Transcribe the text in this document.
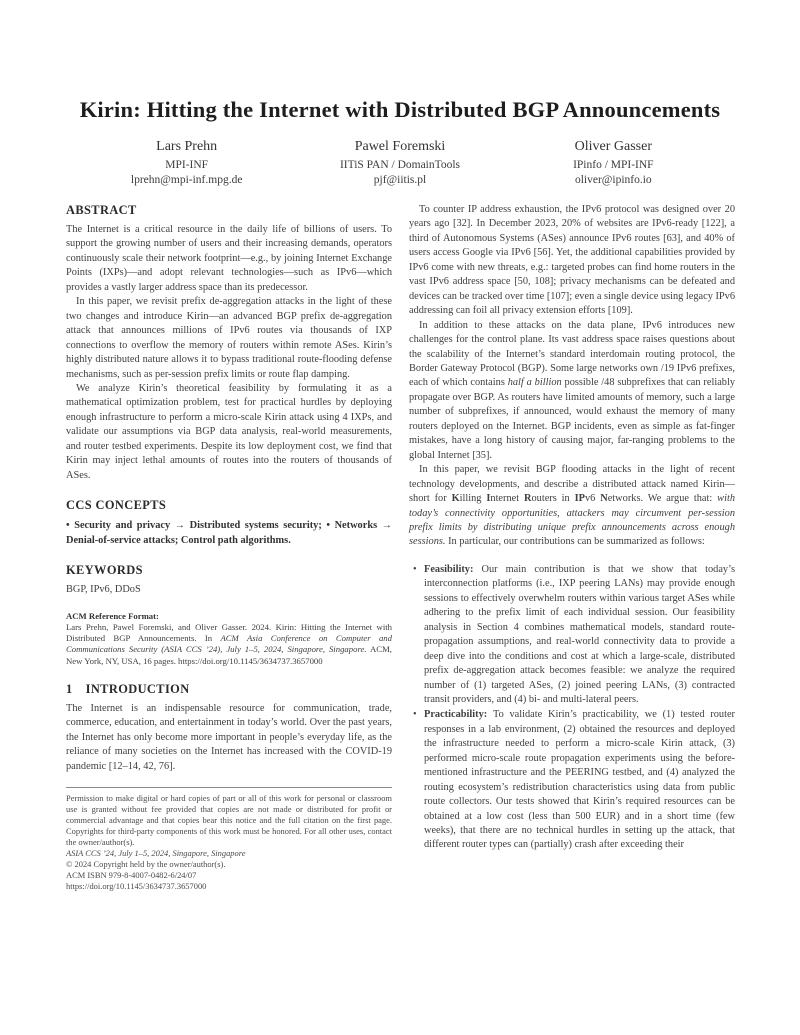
Kirin: Hitting the Internet with Distributed BGP Announcements
Lars Prehn
MPI-INF
lprehn@mpi-inf.mpg.de
Pawel Foremski
IITiS PAN / DomainTools
pjf@iitis.pl
Oliver Gasser
IPinfo / MPI-INF
oliver@ipinfo.io
ABSTRACT

The Internet is a critical resource in the daily life of billions of users. To support the growing number of users and their increasing demands, operators continuously scale their network footprint—e.g., by joining Internet Exchange Points (IXPs)—and adopt relevant technologies—such as IPv6—which provides a vastly larger address space than its predecessor.

In this paper, we revisit prefix de-aggregation attacks in the light of these two changes and introduce Kirin—an advanced BGP prefix de-aggregation attack that announces millions of IPv6 routes via thousands of IXP connections to overflow the memory of routers within remote ASes. Kirin’s highly distributed nature allows it to bypass traditional route-flooding defense mechanisms, such as per-session prefix limits or route flap damping.

We analyze Kirin’s theoretical feasibility by formulating it as a mathematical optimization problem, test for practical hurdles by deploying enough infrastructure to perform a micro-scale Kirin attack using 4 IXPs, and validate our assumptions via BGP data analysis, real-world measurements, and router testbed experiments. Despite its low deployment cost, we find that Kirin may inject lethal amounts of routes into the routers of thousands of ASes.

CCS CONCEPTS

• Security and privacy → Distributed systems security; • Networks → Denial-of-service attacks; Control path algorithms.

KEYWORDS

BGP, IPv6, DDoS

ACM Reference Format:

Lars Prehn, Pawel Foremski, and Oliver Gasser. 2024. Kirin: Hitting the Internet with Distributed BGP Announcements. In ACM Asia Conference on Computer and Communications Security (ASIA CCS ’24), July 1–5, 2024, Singapore, Singapore. ACM, New York, NY, USA, 16 pages. https://doi.org/10.1145/3634737.3657000

1 INTRODUCTION

The Internet is an indispensable resource for communication, trade, commerce, education, and entertainment in today’s world. Over the past years, the Internet has only become more important in people’s everyday life, as the reliance of many societies on the Internet has increased with the COVID-19 pandemic [12–14, 42, 76].

Permission to make digital or hard copies of part or all of this work for personal or classroom use is granted without fee provided that copies are not made or distributed for profit or commercial advantage and that copies bear this notice and the full citation on the first page. Copyrights for third-party components of this work must be honored. For all other uses, contact the owner/author(s).

ASIA CCS ’24, July 1–5, 2024, Singapore, Singapore
© 2024 Copyright held by the owner/author(s).
ACM ISBN 979-8-4007-0482-6/24/07
https://doi.org/10.1145/3634737.3657000

To counter IP address exhaustion, the IPv6 protocol was designed over 20 years ago [32]. In December 2023, 20% of websites are IPv6-ready [122], a third of Autonomous Systems (ASes) announce IPv6 routes [63], and 40% of users access Google via IPv6 [56]. Yet, the additional capabilities provided by IPv6 come with new threats, e.g.: targeted probes can find home routers in the vast IPv6 address space [50, 108]; privacy mechanisms can be defeated and devices can be tracked over time [107]; even a single device using legacy IPv6 addressing can foil all privacy extension efforts [109].

In addition to these attacks on the data plane, IPv6 introduces new challenges for the control plane. Its vast address space raises questions about the scalability of the Internet’s standard interdomain routing protocol, the Border Gateway Protocol (BGP). Some large networks own /19 IPv6 prefixes, each of which contains half a billion possible /48 subprefixes that can reliably propagate over BGP. As routers have limited amounts of memory, such a large number of subprefixes, if announced, would exhaust the memory of many routers deployed on the Internet. BGP incidents, even as simple as fat-finger mistakes, have a long history of causing major, far-ranging problems to the global Internet [35].

In this paper, we revisit BGP flooding attacks in the light of recent technology developments, and describe a distributed attack named Kirin—short for Killing Internet Routers in IPv6 Networks. We argue that: with today’s connectivity opportunities, attackers may circumvent per-session prefix limits by distributing unique prefix announcements across enough sessions. In particular, our contributions can be summarized as follows:

• Feasibility: Our main contribution is that we show that today’s interconnection platforms (i.e., IXP peering LANs) may provide enough sessions to effectively overwhelm routers within various target ASes while adhering to the prefix limit of each individual session. Our feasibility analysis in Section 4 combines mathematical models, standard route-propagation assumptions, and real-world connectivity data to provide a deep dive into the conditions and cost at which a large-scale, distributed prefix de-aggregation attack becomes feasible: we analyze the required number of (1) targeted ASes, (2) joined peering LANs, (3) contracted transit providers, and (4) bi- and multi-lateral peers.
• Practicability: To validate Kirin’s practicability, we (1) tested router responses in a lab environment, (2) obtained the resources and deployed the infrastructure needed to perform a micro-scale Kirin attack, (3) performed micro-scale route propagation experiments using the before-mentioned infrastructure and the PEERING testbed, and (4) analyzed the routing ecosystem’s redistribution characteristics using data from public route collectors. Our tests showed that Kirin’s required resources can be obtained at a low cost (less than 500 EUR) and in a short time (few weeks), that there are no technical hurdles in setting up the attack, that different router types can (partially) crash after exceeding their
